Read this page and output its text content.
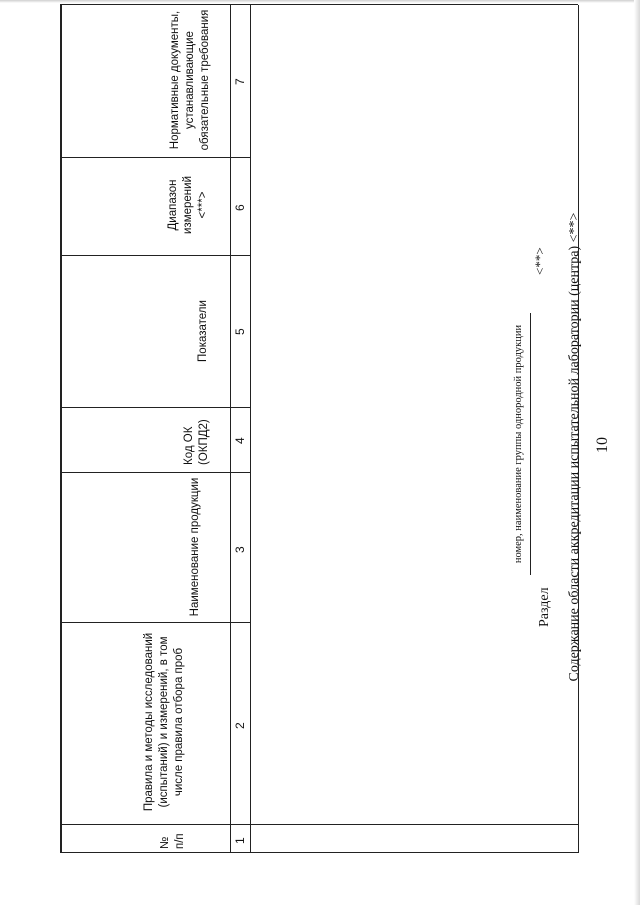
10
Содержание области аккредитации испытательной лаборатории (центра) <**>
Раздел
номер, наименование группы однородной продукции
<**>
№ п/п
Правила и методы исследований (испытаний) и измерений, в том числе правила отбора проб
Наименование продукции
Код ОК (ОКПД2)
Показатели
Диапазон измерений <***>
Нормативные документы, устанавливающие обязательные требования
1
2
3
4
5
6
7
